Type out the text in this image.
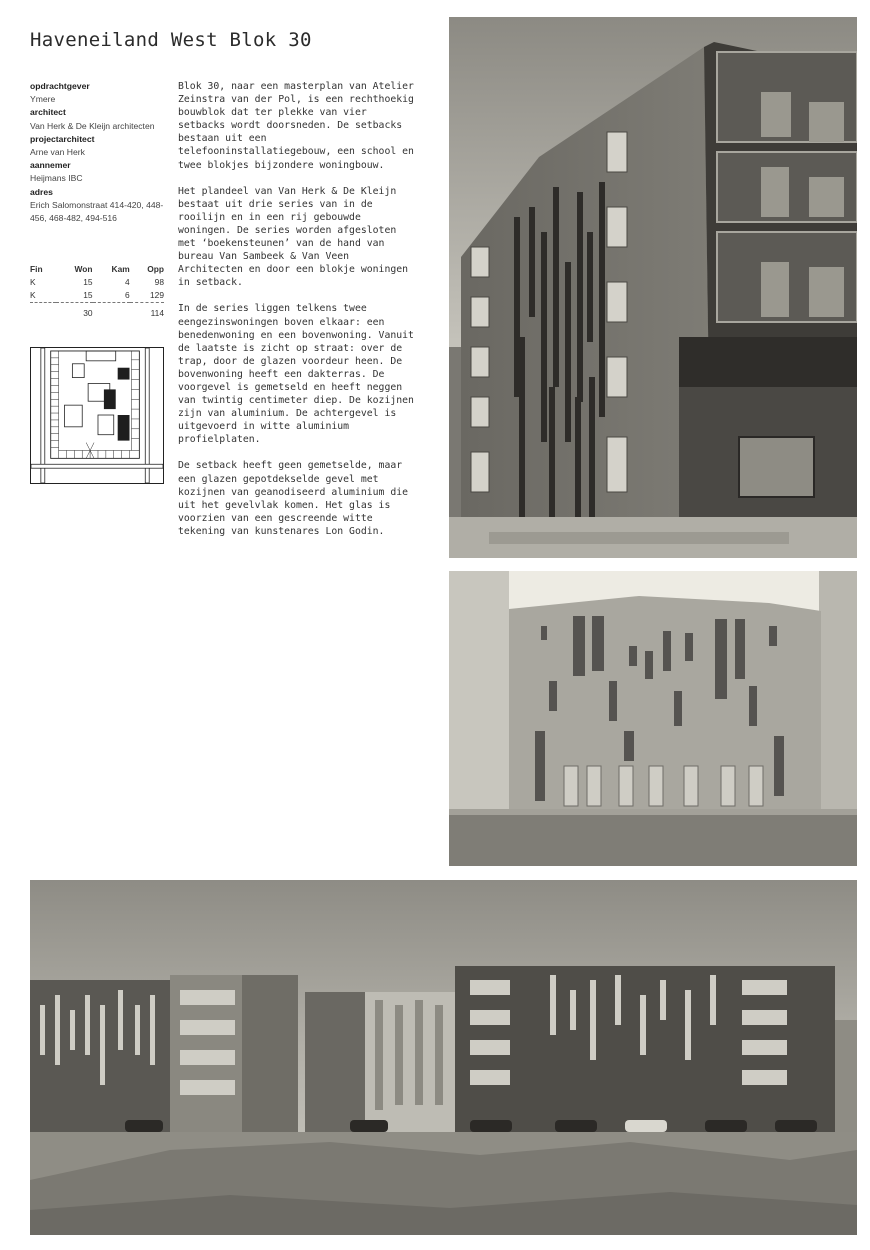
Haveneiland West Blok 30
opdrachtgever
Ymere
architect
Van Herk & De Kleijn architecten
projectarchitect
Arne van Herk
aannemer
Heijmans IBC
adres
Erich Salomonstraat 414-420, 448-456, 468-482, 494-516
Fin	Won	Kam	Opp
K	15	4	98
K	15	6	129

	30		114

Blok 30, naar een masterplan van Atelier Zeinstra van der Pol, is een rechthoekig bouwblok dat ter plekke van vier setbacks wordt doorsneden. De setbacks bestaan uit een telefooninstallatiegebouw, een school en twee blokjes bijzondere woningbouw.

Het plandeel van Van Herk & De Kleijn bestaat uit drie series van in de rooilijn en in een rij gebouwde woningen. De series worden afgesloten met ‘boekensteunen’ van de hand van bureau Van Sambeek & Van Veen Architecten en door een blokje woningen in setback.

In de series liggen telkens twee eengezinswoningen boven elkaar: een benedenwoning en een bovenwoning. Vanuit de laatste is zicht op straat: over de trap, door de glazen voordeur heen. De bovenwoning heeft een dakterras. De voorgevel is gemetseld en heeft neggen van twintig centimeter diep. De kozijnen zijn van aluminium. De achtergevel is uitgevoerd in witte aluminium profielplaten.

De setback heeft geen gemetselde, maar een glazen gepotdekselde gevel met kozijnen van geanodiseerd aluminium die uit het gevelvlak komen. Het glas is voorzien van een gescreende witte tekening van kunstenares Lon Godin.
